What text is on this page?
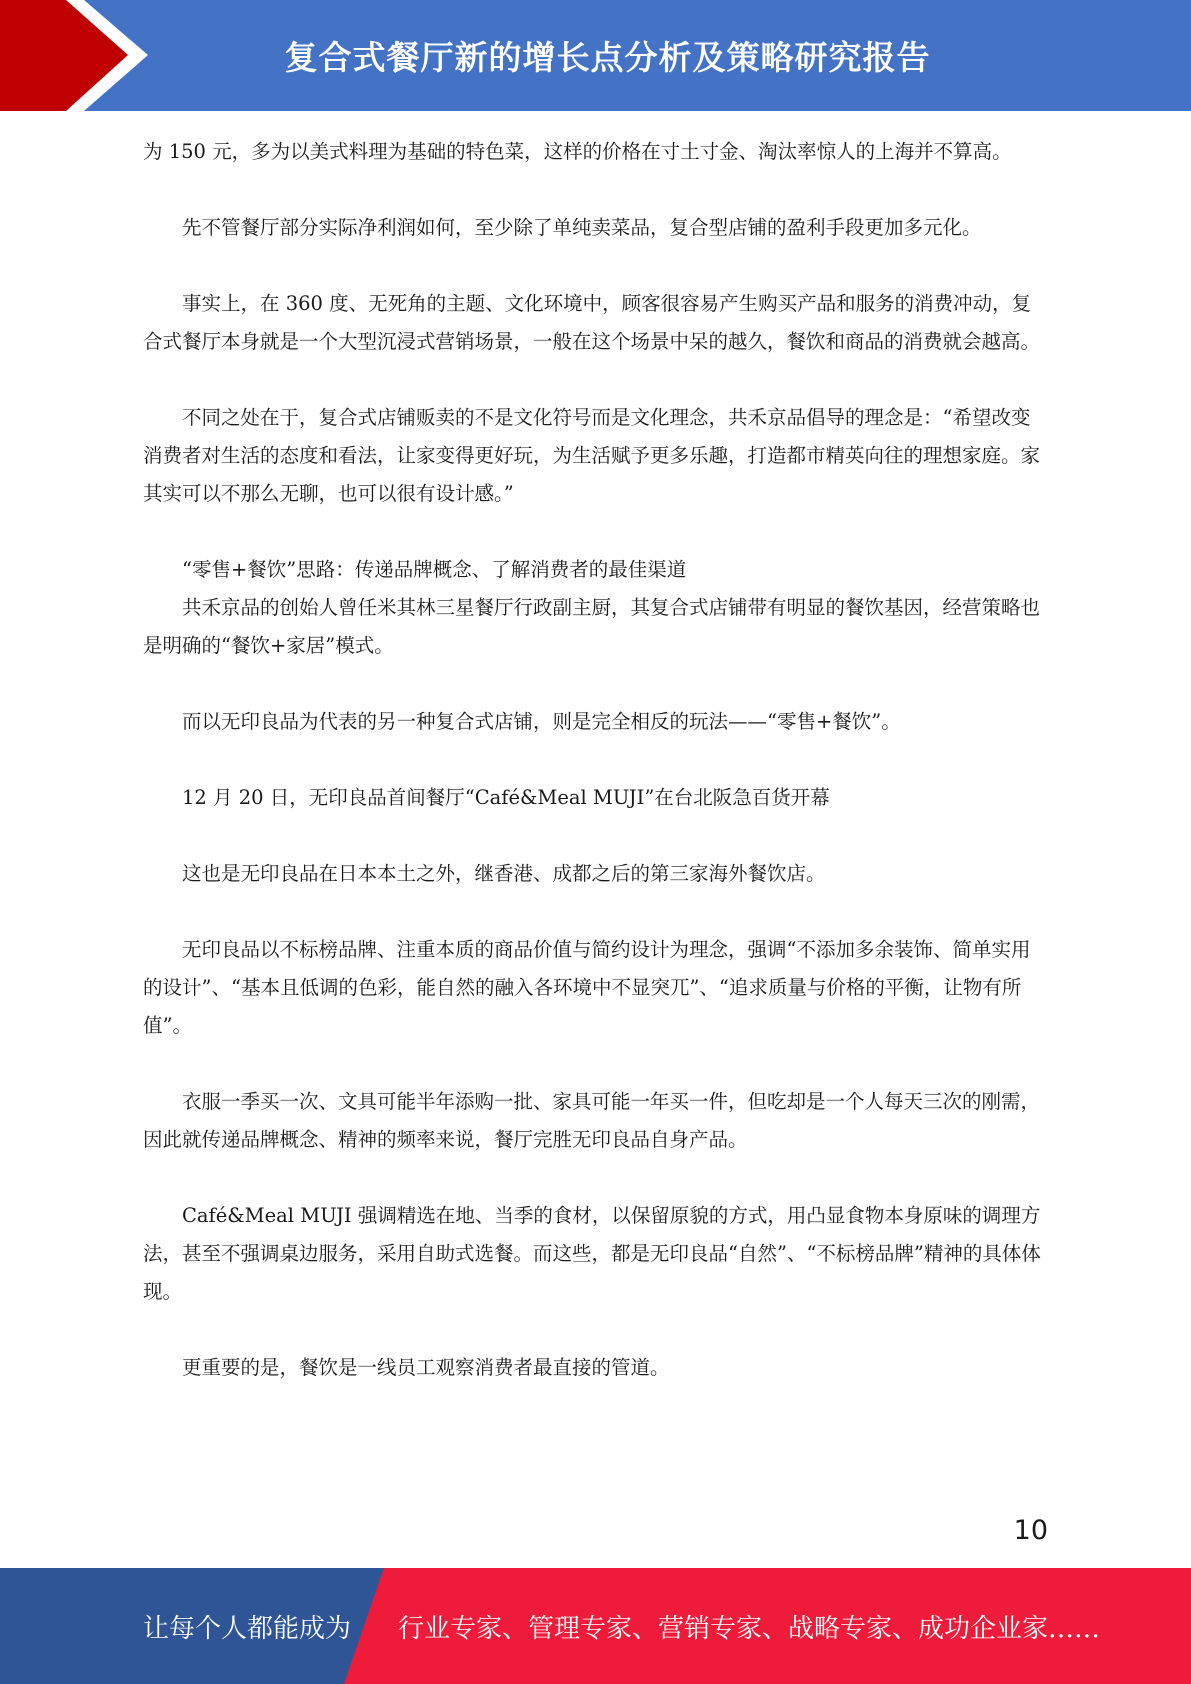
复合式餐厅新的增长点分析及策略研究报告

为 150 元，多为以美式料理为基础的特色菜，这样的价格在寸土寸金、淘汰率惊人的上海并不算高。

先不管餐厅部分实际净利润如何，至少除了单纯卖菜品，复合型店铺的盈利手段更加多元化。

事实上，在 360 度、无死角的主题、文化环境中，顾客很容易产生购买产品和服务的消费冲动，复合式餐厅本身就是一个大型沉浸式营销场景，一般在这个场景中呆的越久，餐饮和商品的消费就会越高。

不同之处在于，复合式店铺贩卖的不是文化符号而是文化理念，共禾京品倡导的理念是：“希望改变消费者对生活的态度和看法，让家变得更好玩，为生活赋予更多乐趣，打造都市精英向往的理想家庭。家其实可以不那么无聊，也可以很有设计感。”

“零售+餐饮”思路：传递品牌概念、了解消费者的最佳渠道

共禾京品的创始人曾任米其林三星餐厅行政副主厨，其复合式店铺带有明显的餐饮基因，经营策略也是明确的“餐饮+家居”模式。

而以无印良品为代表的另一种复合式店铺，则是完全相反的玩法——“零售+餐饮”。

12 月 20 日，无印良品首间餐厅“Café&Meal MUJI”在台北阪急百货开幕

这也是无印良品在日本本土之外，继香港、成都之后的第三家海外餐饮店。

无印良品以不标榜品牌、注重本质的商品价值与简约设计为理念，强调“不添加多余装饰、简单实用的设计”、“基本且低调的色彩，能自然的融入各环境中不显突兀”、“追求质量与价格的平衡，让物有所值”。

衣服一季买一次、文具可能半年添购一批、家具可能一年买一件，但吃却是一个人每天三次的刚需，因此就传递品牌概念、精神的频率来说，餐厅完胜无印良品自身产品。

Café&Meal MUJI 强调精选在地、当季的食材，以保留原貌的方式，用凸显食物本身原味的调理方法，甚至不强调桌边服务，采用自助式选餐。而这些，都是无印良品“自然”、“不标榜品牌”精神的具体体现。

更重要的是，餐饮是一线员工观察消费者最直接的管道。

10
让每个人都能成为 行业专家、管理专家、营销专家、战略专家、成功企业家……
